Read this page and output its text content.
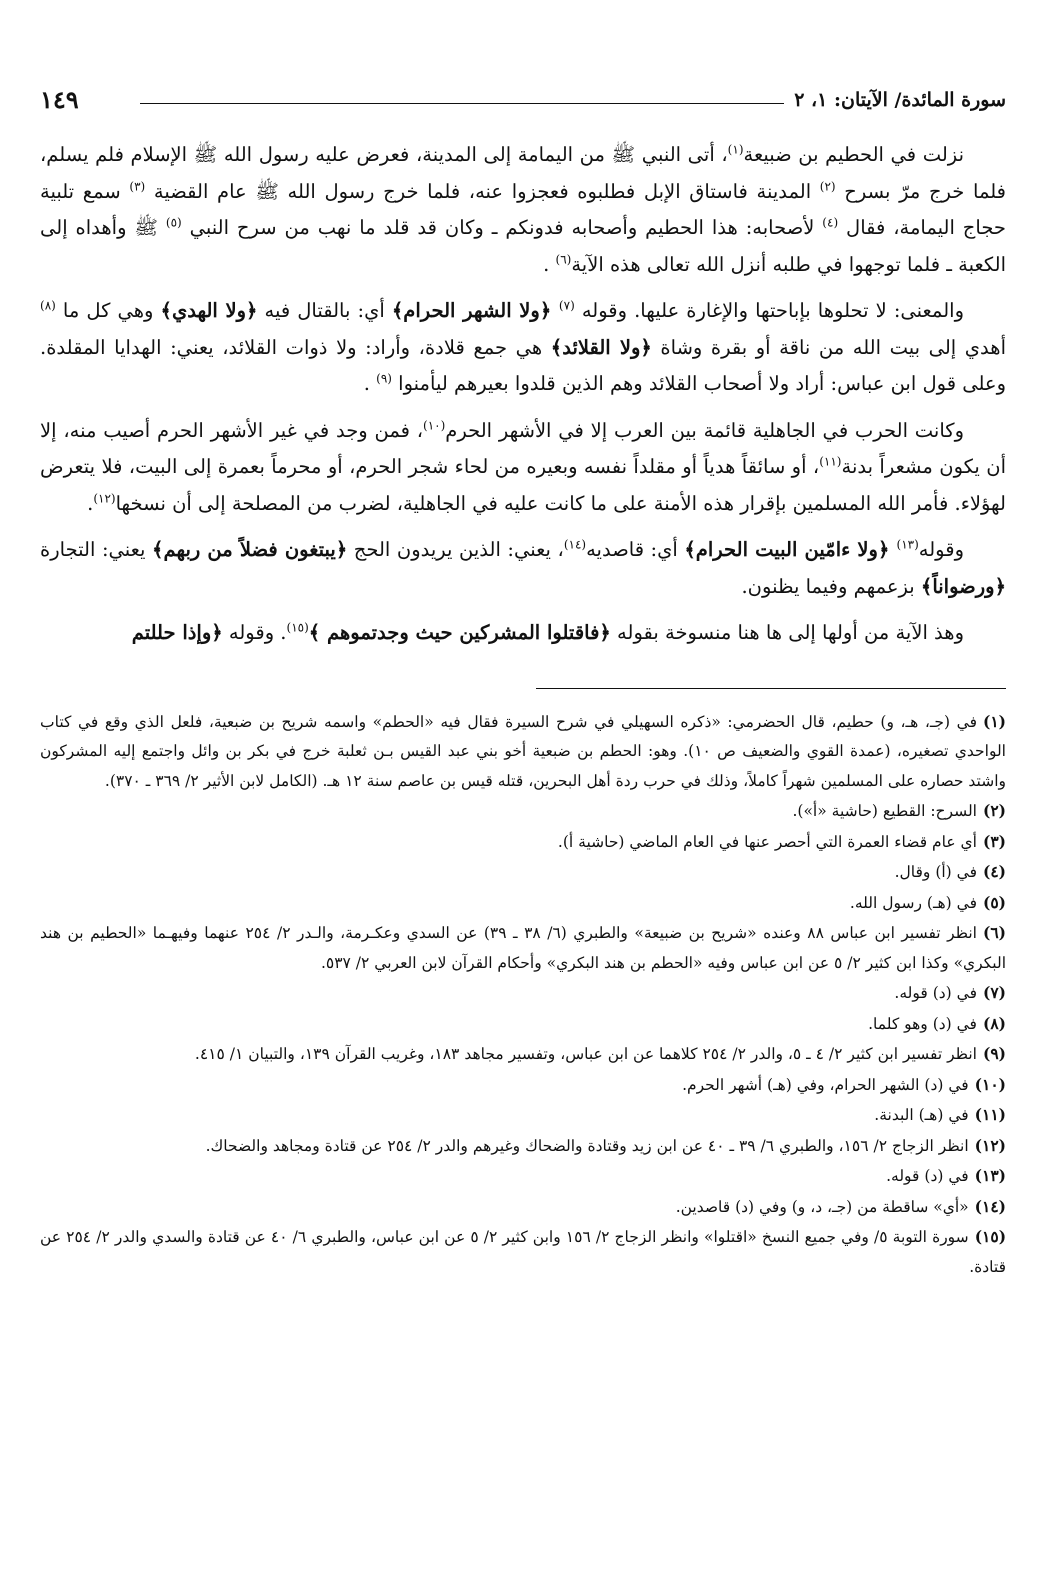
سورة المائدة/ الآيتان: ١، ٢
١٤٩

نزلت في الحطيم بن ضبيعة$^{(١)}$، أتى النبي ﷺ من اليمامة إلى المدينة، فعرض عليه رسول الله ﷺ الإسلام فلم يسلم، فلما خرج مرّ بسرح $^{(٢)}$ المدينة فاستاق الإبل فطلبوه فعجزوا عنه، فلما خرج رسول الله ﷺ عام القضية $^{(٣)}$ سمع تلبية حجاج اليمامة، فقال $^{(٤)}$ لأصحابه: هذا الحطيم وأصحابه فدونكم ـ وكان قد قلد ما نهب من سرح النبي $^{(٥)}$ ﷺ وأهداه إلى الكعبة ـ فلما توجهوا في طلبه أنزل الله تعالى هذه الآية$^{(٦)}$ .

والمعنى: لا تحلوها بإباحتها والإغارة عليها. وقوله $^{(٧)}$ ﴿ولا الشهر الحرام﴾ أي: بالقتال فيه ﴿ولا الهدي﴾ وهي كل ما $^{(٨)}$ أهدي إلى بيت الله من ناقة أو بقرة وشاة ﴿ولا القلائد﴾ هي جمع قلادة، وأراد: ولا ذوات القلائد، يعني: الهدايا المقلدة. وعلى قول ابن عباس: أراد ولا أصحاب القلائد وهم الذين قلدوا بعيرهم ليأمنوا $^{(٩)}$ .

وكانت الحرب في الجاهلية قائمة بين العرب إلا في الأشهر الحرم$^{(١٠)}$، فمن وجد في غير الأشهر الحرم أصيب منه، إلا أن يكون مشعراً بدنة$^{(١١)}$، أو سائقاً هدياً أو مقلداً نفسه وبعيره من لحاء شجر الحرم، أو محرماً بعمرة إلى البيت، فلا يتعرض لهؤلاء. فأمر الله المسلمين بإقرار هذه الأمنة على ما كانت عليه في الجاهلية، لضرب من المصلحة إلى أن نسخها$^{(١٢)}$.

وقوله$^{(١٣)}$ ﴿ولا ءامّين البيت الحرام﴾ أي: قاصديه$^{(١٤)}$، يعني: الذين يريدون الحج ﴿يبتغون فضلاً من ربهم﴾ يعني: التجارة ﴿ورضواناً﴾ بزعمهم وفيما يظنون.

وهذ الآية من أولها إلى ها هنا منسوخة بقوله ﴿فاقتلوا المشركين حيث وجدتموهم ﴾$^{(١٥)}$. وقوله ﴿وإذا حللتم

(١)في (جـ، هـ، و) حطيم، قال الحضرمي: «ذكره السهيلي في شرح السيرة فقال فيه «الحطم» واسمه شريح بن ضبعية، فلعل الذي وقع في كتاب الواحدي تصغيره، (عمدة القوي والضعيف ص ١٠). وهو: الحطم بن ضبعية أخو بني عبد القيس بـن ثعلبة خرج في بكر بن وائل واجتمع إليه المشركون واشتد حصاره على المسلمين شهراً كاملاً، وذلك في حرب ردة أهل البحرين، قتله قيس بن عاصم سنة ١٢ هـ. (الكامل لابن الأثير ٢/ ٣٦٩ ـ ٣٧٠).

(٢)السرح: القطيع (حاشية «أ»).

(٣)أي عام قضاء العمرة التي أحصر عنها في العام الماضي (حاشية أ).

(٤)في (أ) وقال.

(٥)في (هـ) رسول الله.

(٦)انظر تفسير ابن عباس ٨٨ وعنده «شريح بن ضبيعة» والطبري (٦/ ٣٨ ـ ٣٩) عن السدي وعكـرمة، والـدر ٢/ ٢٥٤ عنهما وفيهـما «الحطيم بن هند البكري» وكذا ابن كثير ٢/ ٥ عن ابن عباس وفيه «الحطم بن هند البكري» وأحكام القرآن لابن العربي ٢/ ٥٣٧.

(٧)في (د) قوله.

(٨)في (د) وهو كلما.

(٩)انظر تفسير ابن كثير ٢/ ٤ ـ ٥، والدر ٢/ ٢٥٤ كلاهما عن ابن عباس، وتفسير مجاهد ١٨٣، وغريب القرآن ١٣٩، والتبيان ١/ ٤١٥.

(١٠)في (د) الشهر الحرام، وفي (هـ) أشهر الحرم.

(١١)في (هـ) البدنة.

(١٢)انظر الزجاج ٢/ ١٥٦، والطبري ٦/ ٣٩ ـ ٤٠ عن ابن زيد وقتادة والضحاك وغيرهم والدر ٢/ ٢٥٤ عن قتادة ومجاهد والضحاك.

(١٣)في (د) قوله.

(١٤)«أي» ساقطة من (جـ، د، و) وفي (د) قاصدين.

(١٥)سورة التوبة ٥/ وفي جميع النسخ «اقتلوا» وانظر الزجاج ٢/ ١٥٦ وابن كثير ٢/ ٥ عن ابن عباس، والطبري ٦/ ٤٠ عن قتادة والسدي والدر ٢/ ٢٥٤ عن قتادة.
